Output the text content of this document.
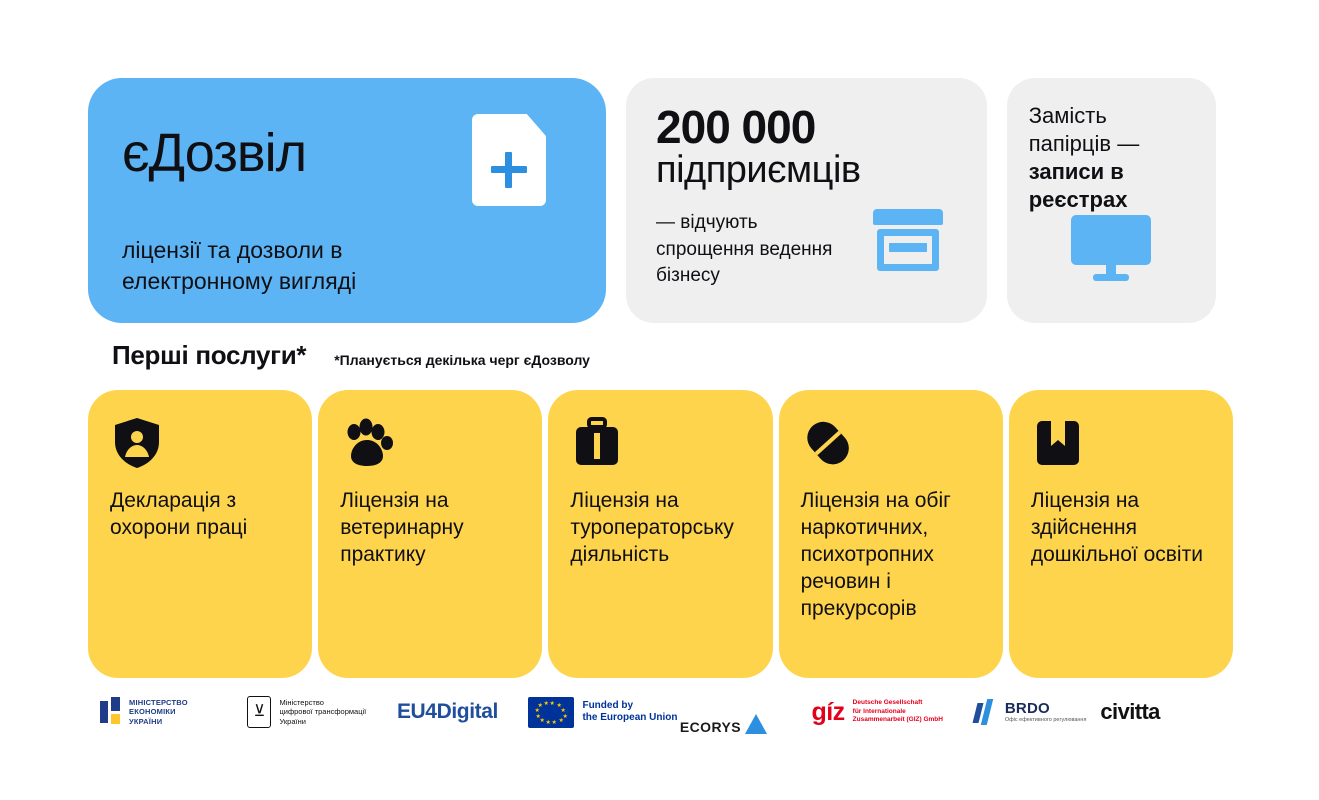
єДозвіл
ліцензії та дозволи в електронному вигляді
200 000
підприємців
— відчують спрощення ведення бізнесу
Замість папірців — записи в реєстрах
Перші послуги* *Планується декілька черг єДозволу
Декларація з охорони праці
Ліцензія на ветеринарну практику
Ліцензія на туроператорську діяльність
Ліцензія на обіг наркотичних, психотропних речовин і прекурсорів
Ліцензія на здійснення дошкільної освіти
МІНІСТЕРСТВО
ЕКОНОМІКИ
УКРАЇНИ
⊻
Міністерство
цифрової трансформації
України	EU4Digital	★ ★
★
★
★
★
★
★
★
★
★ ★	Funded by
the European Union
ECORYS
gíz Deutsche Gesellschaft
für Internationale
Zusammenarbeit (GIZ) GmbH
BRDO
Офіс ефективного регулювання civitta
